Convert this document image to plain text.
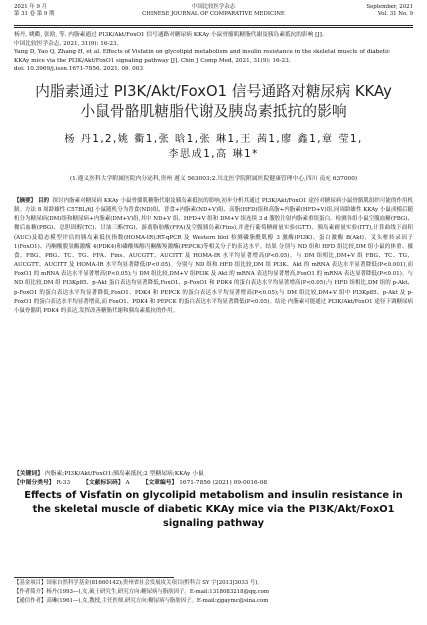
2021 年 9 月
第 31 卷 第 9 期
中国比较医学杂志
CHINESE JOURNAL OF COMPARATIVE MEDICINE
September, 2021
Vol. 31 No. 9
杨丹, 姚衢, 张晗, 等. 内脂素通过 PI3K/Akt/FoxO1 信号通路对糖尿病 KKAy 小鼠骨骼肌糖脂代谢及胰岛素抵抗的影响 [J].
中国比较医学杂志, 2021, 31(9): 16-23.
Yang D, Yao Q, Zhang H, et al. Effects of Visfatin on glycolipid metabolism and insulin resistance in the skeletal muscle of diabetic
KKAy mice via the PI3K/Akt/FoxO1 signaling pathway [J]. Chin J Comp Med, 2021, 31(9): 16-23.
doi: 10.3969/j.issn.1671-7856. 2021. 09. 003
内脂素通过 PI3K/Akt/FoxO1 信号通路对糖尿病 KKAy
小鼠骨骼肌糖脂代谢及胰岛素抵抗的影响
杨 丹1,2,姚 衢1,张 晗1,张 琳1,王 茜1,廖 鑫1,章 莹1,
李思成1,高 琳1*
(1.遵义医科大学附属医院内分泌科,贵州 遵义 563003;2.川北医学院附属医院健康管理中心,四川 南充 637000)

【摘要】 目的 探讨内脂素对糖尿病 KKAy 小鼠骨骼肌糖脂代谢及胰岛素抵抗的影响,初步分析其通过 PI3K/Akt/FoxO1 途径对糖尿病小鼠骨骼肌组织可能的作用机制。方法 8 周龄雄性 C57BL/6J 小鼠随机分为普食(ND)组、普食+内脂素(ND+V)组、高脂(HFD)组和高脂+内脂素(HFD+V)组,同周龄雄性 KKAy 小鼠成模后随机分为糖尿病(DM)组和糖尿病+内脂素(DM+V)组,其中 ND+V 组、HFD+V 组和 DM+V 组连续 3 d 腹腔注射内脂素重组蛋白。检测各组小鼠空腹血糖(FBG)、餐后血糖(PBG)、总胆固醇(TC)、甘油三酯(TG)、游离脂肪酸(FFA)及空腹胰岛素(Fins),并进行葡萄糖耐量实验(GTT)、胰岛素耐量实验(ITT),计算曲线下面积(AUC)及稳态模型评估的胰岛素抵抗指数(HOMA-IR);RT-qPCR 及 Western blot 检测磷脂酰肌醇 3 激酶(PI3K)、蛋白激酶 B(Akt)、叉头框转录因子 1(FoxO1)、丙酮酸脱氢酶激酶 4(PDK4)和磷酸烯醇丙酮酸羧激酶(PEPCK)等相关分子的表达水平。结果 分别与 ND 组和 HFD 组比较,DM 组小鼠的体重、摄食、FBG、PBG、TC、TG、FFA、Fins、AUCGTT、AUCITT 及 HOMA-IR 水平均显著增高(P<0.05)。与 DM 组相比,DM+V 组 FBG、TC、TG、AUCGTT、AUCITT 及 HOMA-IR 水平均显著降低(P<0.05)。分别与 ND 组和 HFD 组比较,DM 组 PI3K、Akt 的 mRNA 表达水平显著降低(P<0.001),而 FoxO1 的 mRNA 表达水平显著增高(P<0.05);与 DM 组比较,DM+V 组PI3K 及 Akt 的 mRNA 表达均显著增高,FoxO1 的 mRNA 表达显著降低(P<0.01)。与 ND 组比较,DM 组 PI3Kp85、p-Akt 蛋白表达均显著降低,FoxO1、p-FoxO1 和 PDK4 的蛋白表达水平均显著增高(P<0.05);与 HFD 组相比,DM 组的 p-Akt、p-FoxO1 的蛋白表达水平均显著降低,FoxO1、PDK4 和 PEPCK 的蛋白表达水平均显著增高(P<0.05);与 DM 组比较,DM+V 组中 PI3Kp85、p-Akt 及 p-FoxO1 的蛋白表达水平均显著增高,而 FoxO1、PDK4 和 PEPCK 的蛋白表达水平均显著降低(P<0.05)。结论 内脂素可能通过 PI3K/Akt/FoxO1 途径下调糖尿病小鼠骨骼肌 PDK4 的表达,发挥改善糖脂代谢和胰岛素抵抗的作用。

【关键词】 内脂素;PI3K/Akt/FoxO1;胰岛素抵抗;2 型糖尿病;KKAy 小鼠
【中图分类号】 R-33 【文献标识码】 A 【文章编号】 1671-7856 (2021) 09-0016-08
Effects of Visfatin on glycolipid metabolism and insulin resistance in
the skeletal muscle of diabetic KKAy mice via the PI3K/Akt/FoxO1
signaling pathway
【基金项目】国家自然科学基金(81660142);贵州省社会发展攻关项目(黔科合 SY 字[2013]3033 号)。
【作者简介】杨丹(1993—),女,硕士研究生,研究方向:糖尿病与脂肪因子。E-mail:1318083218@qq.com
【通信作者】高琳(1961—),女,教授,主任医师,研究方向:糖尿病与脂肪因子。E-mail:zjgaymc@sina.com
